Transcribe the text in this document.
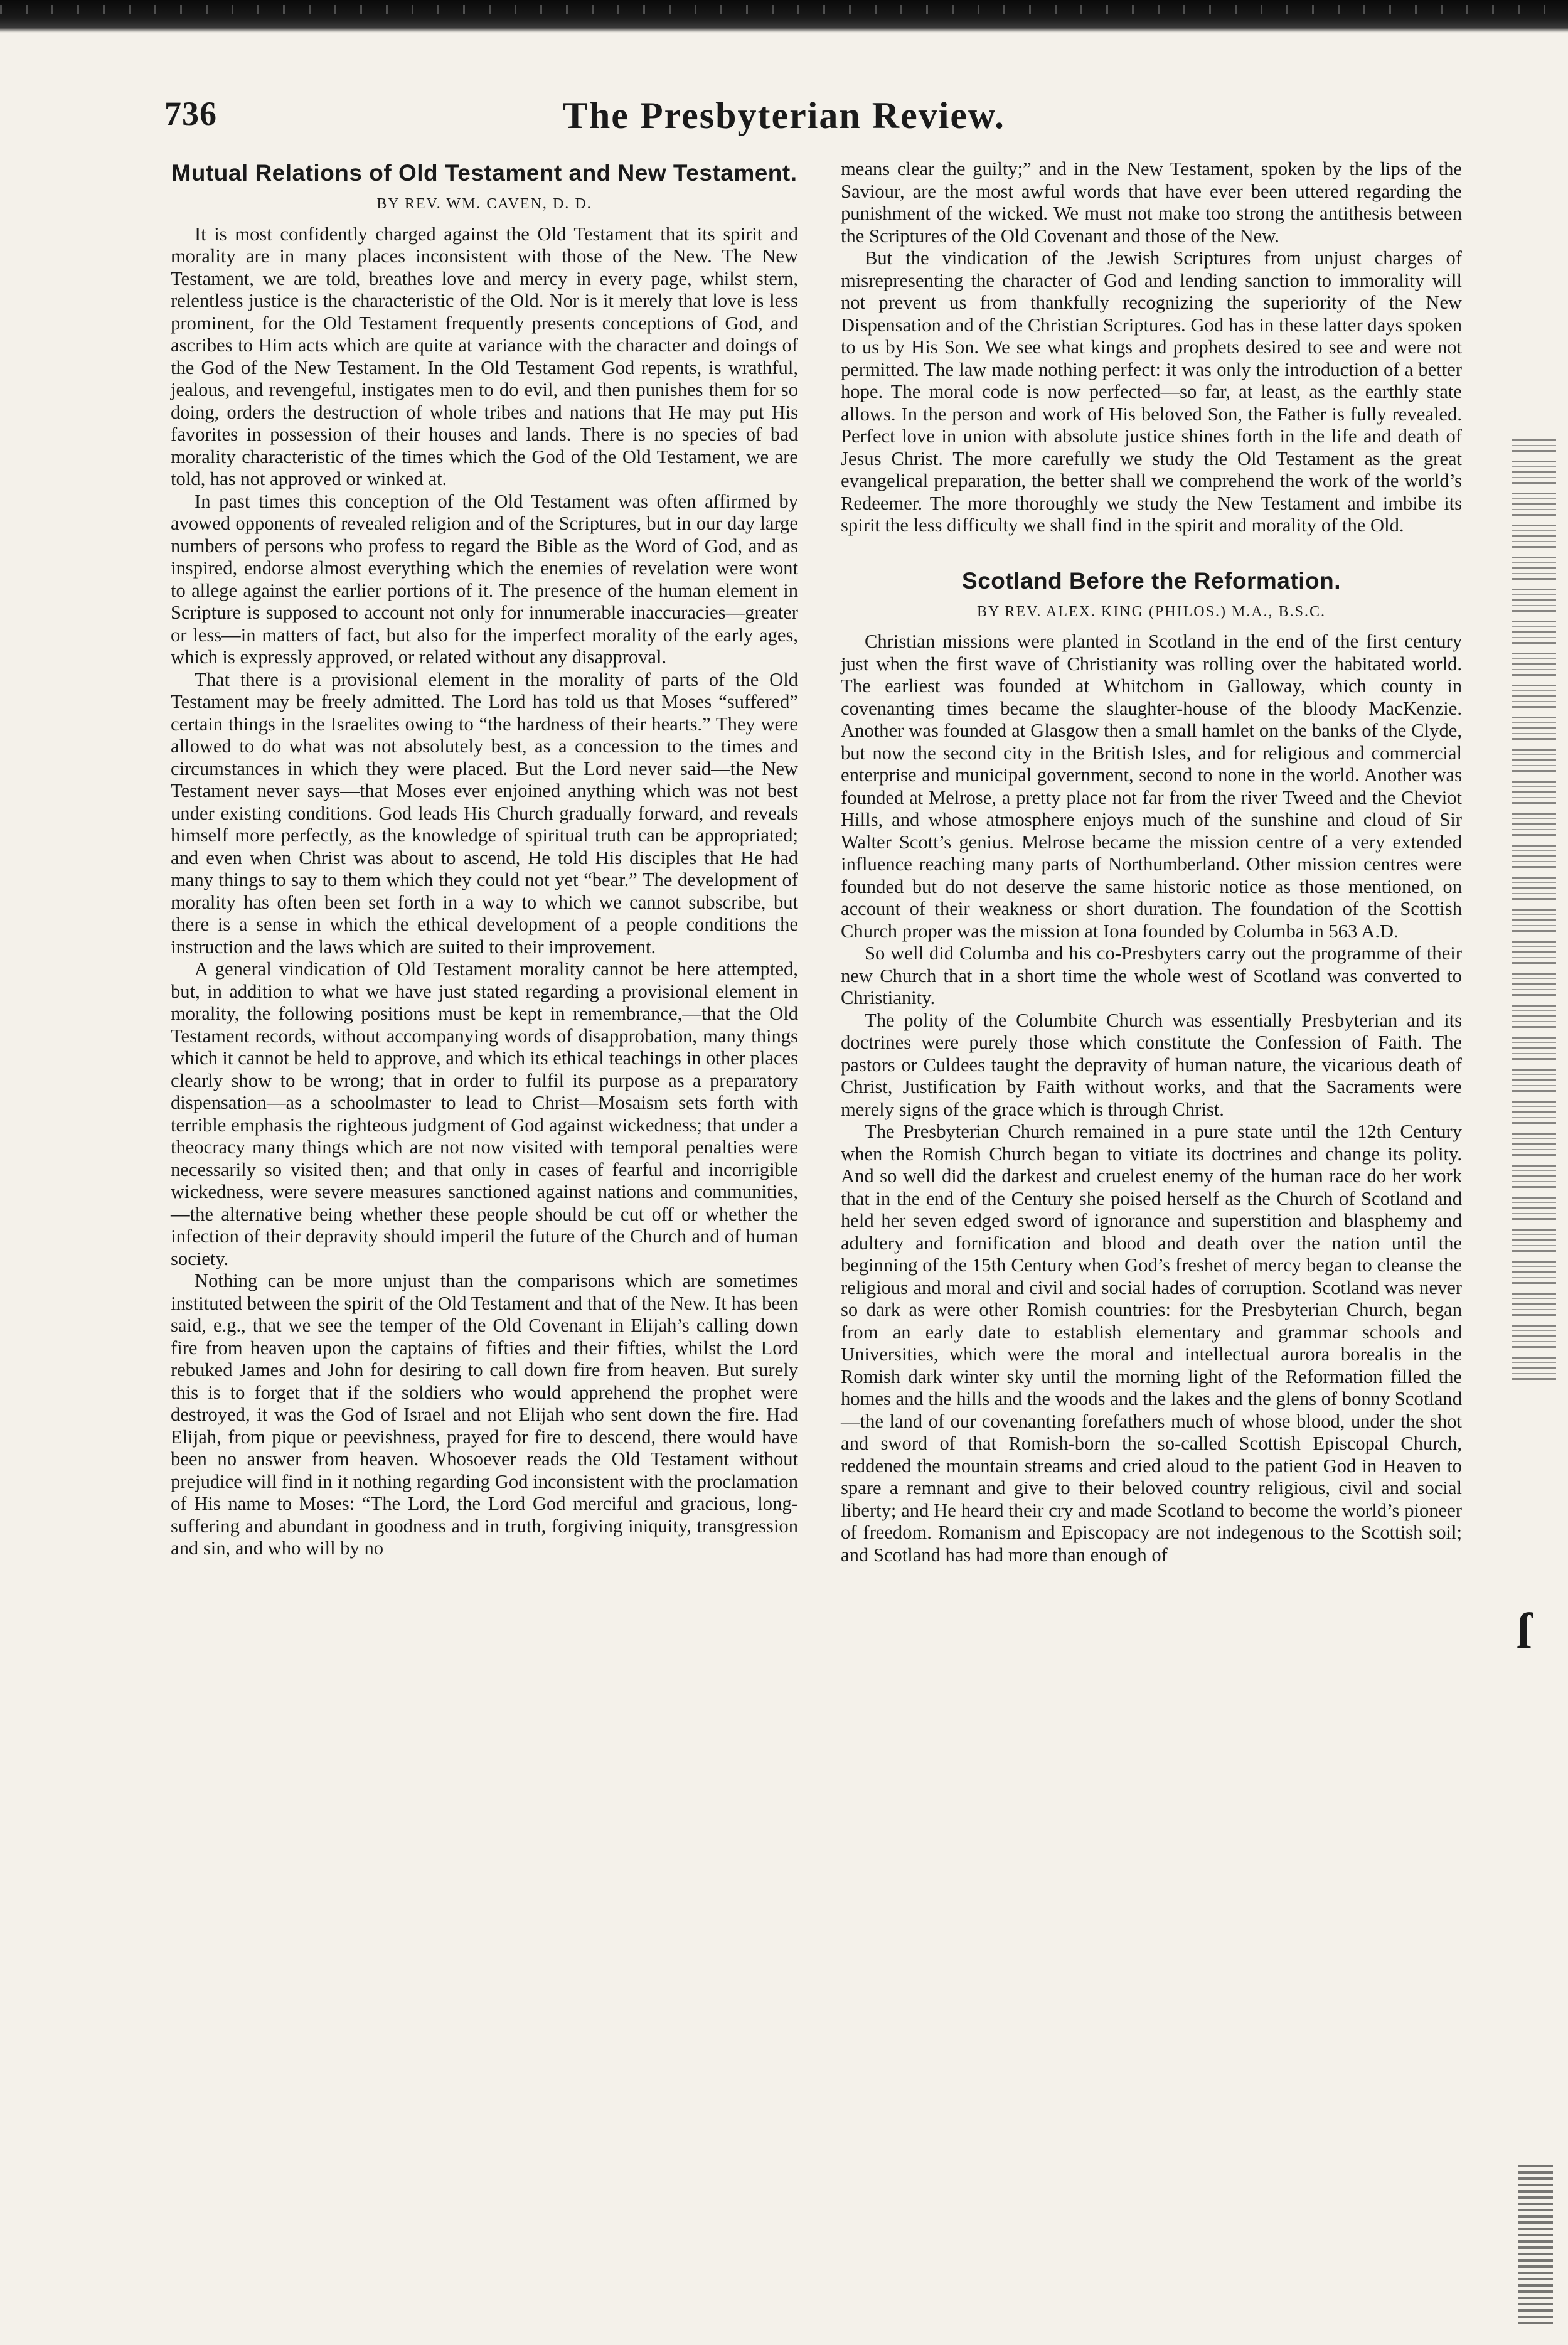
736	The Presbyterian Review.
Mutual Relations of Old Testament and New Testament.
BY REV. WM. CAVEN, D. D.

It is most confidently charged against the Old Testament that its spirit and morality are in many places inconsistent with those of the New. The New Testament, we are told, breathes love and mercy in every page, whilst stern, relentless justice is the characteristic of the Old. Nor is it merely that love is less prominent, for the Old Testament frequently presents conceptions of God, and ascribes to Him acts which are quite at variance with the character and doings of the God of the New Testament. In the Old Testament God repents, is wrathful, jealous, and revengeful, instigates men to do evil, and then punishes them for so doing, orders the destruction of whole tribes and nations that He may put His favorites in possession of their houses and lands. There is no species of bad morality characteristic of the times which the God of the Old Testament, we are told, has not approved or winked at.

In past times this conception of the Old Testament was often affirmed by avowed opponents of revealed religion and of the Scriptures, but in our day large numbers of persons who profess to regard the Bible as the Word of God, and as inspired, endorse almost everything which the enemies of revelation were wont to allege against the earlier portions of it. The presence of the human element in Scripture is supposed to account not only for innumerable inaccuracies—greater or less—in matters of fact, but also for the imperfect morality of the early ages, which is expressly approved, or related without any disapproval.

That there is a provisional element in the morality of parts of the Old Testament may be freely admitted. The Lord has told us that Moses “suffered” certain things in the Israelites owing to “the hardness of their hearts.” They were allowed to do what was not absolutely best, as a concession to the times and circumstances in which they were placed. But the Lord never said—the New Testament never says—that Moses ever enjoined anything which was not best under existing conditions. God leads His Church gradually forward, and reveals himself more perfectly, as the knowledge of spiritual truth can be appropriated; and even when Christ was about to ascend, He told His disciples that He had many things to say to them which they could not yet “bear.” The development of morality has often been set forth in a way to which we cannot subscribe, but there is a sense in which the ethical development of a people conditions the instruction and the laws which are suited to their improvement.

A general vindication of Old Testament morality cannot be here attempted, but, in addition to what we have just stated regarding a provisional element in morality, the following positions must be kept in remembrance,—that the Old Testament records, without accompanying words of disapprobation, many things which it cannot be held to approve, and which its ethical teachings in other places clearly show to be wrong; that in order to fulfil its purpose as a preparatory dispensation—as a schoolmaster to lead to Christ—Mosaism sets forth with terrible emphasis the righteous judgment of God against wickedness; that under a theocracy many things which are not now visited with temporal penalties were necessarily so visited then; and that only in cases of fearful and incorrigible wickedness, were severe measures sanctioned against nations and communities,—the alternative being whether these people should be cut off or whether the infection of their depravity should imperil the future of the Church and of human society.

Nothing can be more unjust than the comparisons which are sometimes instituted between the spirit of the Old Testament and that of the New. It has been said, e.g., that we see the temper of the Old Covenant in Elijah’s calling down fire from heaven upon the captains of fifties and their fifties, whilst the Lord rebuked James and John for desiring to call down fire from heaven. But surely this is to forget that if the soldiers who would apprehend the prophet were destroyed, it was the God of Israel and not Elijah who sent down the fire. Had Elijah, from pique or peevishness, prayed for fire to descend, there would have been no answer from heaven. Whosoever reads the Old Testament without prejudice will find in it nothing regarding God inconsistent with the proclamation of His name to Moses: “The Lord, the Lord God merciful and gracious, long-suffering and abundant in goodness and in truth, forgiving iniquity, transgression and sin, and who will by no

means clear the guilty;” and in the New Testament, spoken by the lips of the Saviour, are the most awful words that have ever been uttered regarding the punishment of the wicked. We must not make too strong the antithesis between the Scriptures of the Old Covenant and those of the New.

But the vindication of the Jewish Scriptures from unjust charges of misrepresenting the character of God and lending sanction to immorality will not prevent us from thankfully recognizing the superiority of the New Dispensation and of the Christian Scriptures. God has in these latter days spoken to us by His Son. We see what kings and prophets desired to see and were not permitted. The law made nothing perfect: it was only the introduction of a better hope. The moral code is now perfected—so far, at least, as the earthly state allows. In the person and work of His beloved Son, the Father is fully revealed. Perfect love in union with absolute justice shines forth in the life and death of Jesus Christ. The more carefully we study the Old Testament as the great evangelical preparation, the better shall we comprehend the work of the world’s Redeemer. The more thoroughly we study the New Testament and imbibe its spirit the less difficulty we shall find in the spirit and morality of the Old.

Scotland Before the Reformation.
BY REV. ALEX. KING (PHILOS.) M.A., B.S.C.

Christian missions were planted in Scotland in the end of the first century just when the first wave of Christianity was rolling over the habitated world. The earliest was founded at Whitchom in Galloway, which county in covenanting times became the slaughter-house of the bloody MacKenzie. Another was founded at Glasgow then a small hamlet on the banks of the Clyde, but now the second city in the British Isles, and for religious and commercial enterprise and municipal government, second to none in the world. Another was founded at Melrose, a pretty place not far from the river Tweed and the Cheviot Hills, and whose atmosphere enjoys much of the sunshine and cloud of Sir Walter Scott’s genius. Melrose became the mission centre of a very extended influence reaching many parts of Northumberland. Other mission centres were founded but do not deserve the same historic notice as those mentioned, on account of their weakness or short duration. The foundation of the Scottish Church proper was the mission at Iona founded by Columba in 563 A.D.

So well did Columba and his co-Presbyters carry out the programme of their new Church that in a short time the whole west of Scotland was converted to Christianity.

The polity of the Columbite Church was essentially Presbyterian and its doctrines were purely those which constitute the Confession of Faith. The pastors or Culdees taught the depravity of human nature, the vicarious death of Christ, Justification by Faith without works, and that the Sacraments were merely signs of the grace which is through Christ.

The Presbyterian Church remained in a pure state until the 12th Century when the Romish Church began to vitiate its doctrines and change its polity. And so well did the darkest and cruelest enemy of the human race do her work that in the end of the Century she poised herself as the Church of Scotland and held her seven edged sword of ignorance and superstition and blasphemy and adultery and fornification and blood and death over the nation until the beginning of the 15th Century when God’s freshet of mercy began to cleanse the religious and moral and civil and social hades of corruption. Scotland was never so dark as were other Romish countries: for the Presbyterian Church, began from an early date to establish elementary and grammar schools and Universities, which were the moral and intellectual aurora borealis in the Romish dark winter sky until the morning light of the Reformation filled the homes and the hills and the woods and the lakes and the glens of bonny Scotland—the land of our covenanting forefathers much of whose blood, under the shot and sword of that Romish-born the so-called Scottish Episcopal Church, reddened the mountain streams and cried aloud to the patient God in Heaven to spare a remnant and give to their beloved country religious, civil and social liberty; and He heard their cry and made Scotland to become the world’s pioneer of freedom. Romanism and Episcopacy are not indegenous to the Scottish soil; and Scotland has had more than enough of

ſ
